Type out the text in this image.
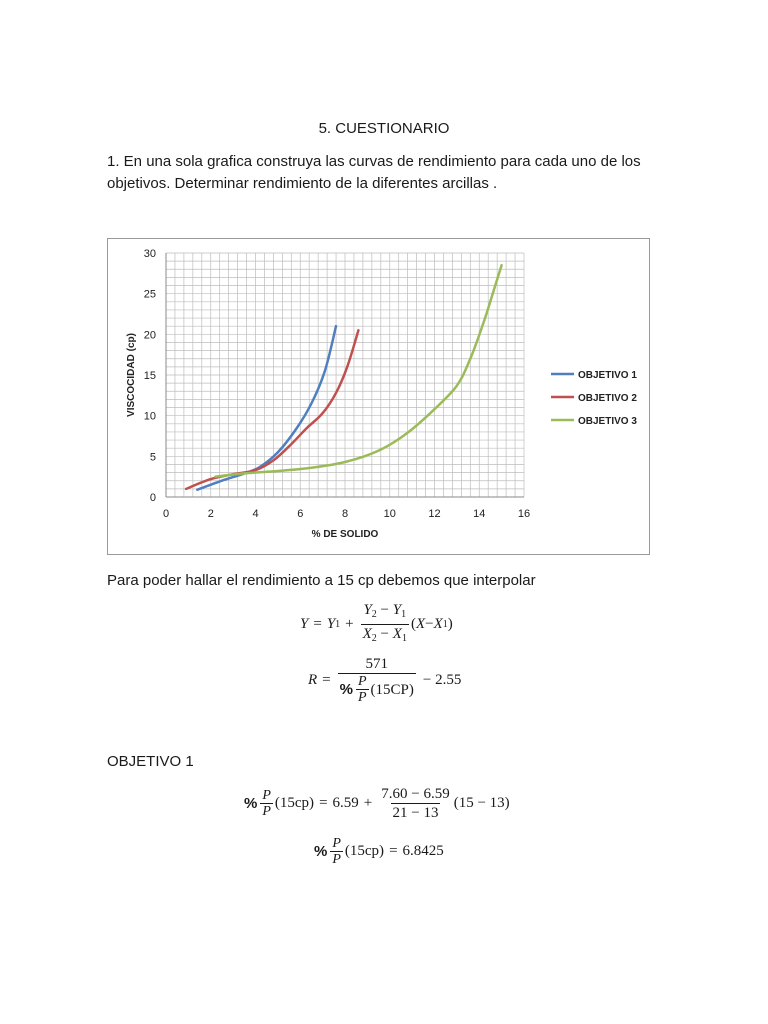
5. CUESTIONARIO
1. En una sola grafica construya las curvas de rendimiento para cada uno de los objetivos. Determinar rendimiento de la diferentes arcillas .
0	2	4	6	8	10	12	14	16
0
5
10
15
20
25
30
% DE SOLIDO
VISCOCIDAD (cp)	OBJETIVO 1
OBJETIVO 2
OBJETIVO 3
Para poder hallar el rendimiento a 15 cp debemos que interpolar
Y = Y $1 + \frac{Y_2 - Y_1}{X_2 - X_1}$ ( X − X 1 )
$R = \frac{571}{\% \frac{P}{P} (15CP)} - 2.55$
OBJETIVO 1
% $\frac{P}{P} (15cp) = 6.59 + \frac{7.60 - 6.59}{21 - 13} (15 - 13)$
% $\frac{P}{P} (15cp) = 6.8425$
